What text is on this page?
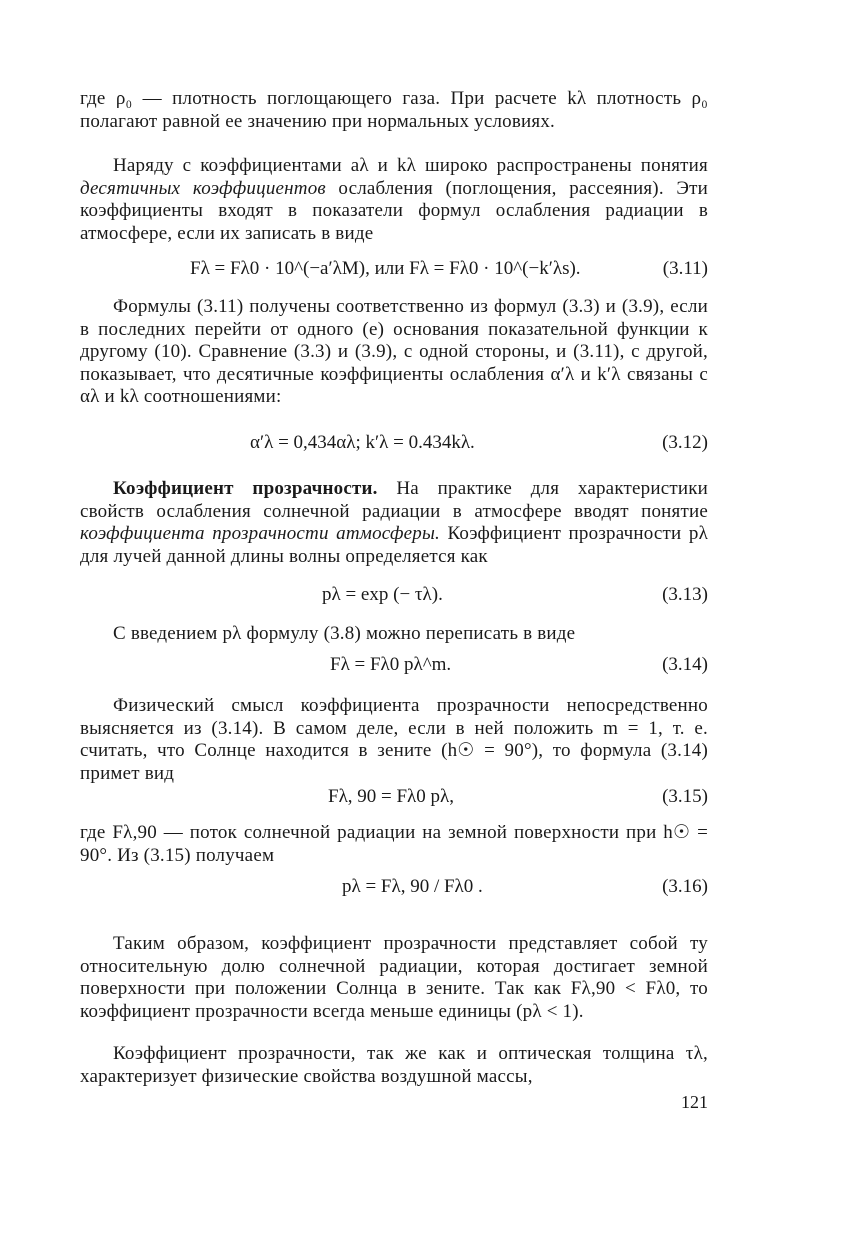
где ρ₀ — плотность поглощающего газа. При расчете kλ плотность ρ₀ полагают равной ее значению при нормальных условиях.
Наряду с коэффициентами aλ и kλ широко распространены понятия десятичных коэффициентов ослабления (поглощения, рассеяния). Эти коэффициенты входят в показатели формул ослабления радиации в атмосфере, если их записать в виде
Fλ = Fλ0 · 10^(−a′λM), или Fλ = Fλ0 · 10^(−k′λs).	(3.11)
Формулы (3.11) получены соответственно из формул (3.3) и (3.9), если в последних перейти от одного (e) основания показательной функции к другому (10). Сравнение (3.3) и (3.9), с одной стороны, и (3.11), с другой, показывает, что десятичные коэффициенты ослабления α′λ и k′λ связаны с αλ и kλ соотношениями:
α′λ = 0,434αλ; k′λ = 0.434kλ.	(3.12)
Коэффициент прозрачности. На практике для характеристики свойств ослабления солнечной радиации в атмосфере вводят понятие коэффициента прозрачности атмосферы. Коэффициент прозрачности pλ для лучей данной длины волны определяется как
pλ = exp (− τλ).	(3.13)
С введением pλ формулу (3.8) можно переписать в виде
Fλ = Fλ0 pλ^m.	(3.14)
Физический смысл коэффициента прозрачности непосредственно выясняется из (3.14). В самом деле, если в ней положить m = 1, т. е. считать, что Солнце находится в зените (h☉ = 90°), то формула (3.14) примет вид
Fλ, 90 = Fλ0 pλ,	(3.15)
где Fλ,90 — поток солнечной радиации на земной поверхности при h☉ = 90°. Из (3.15) получаем
pλ = Fλ, 90 / Fλ0 .	(3.16)
Таким образом, коэффициент прозрачности представляет собой ту относительную долю солнечной радиации, которая достигает земной поверхности при положении Солнца в зените. Так как Fλ,90 < Fλ0, то коэффициент прозрачности всегда меньше единицы (pλ < 1).
Коэффициент прозрачности, так же как и оптическая толщина τλ, характеризует физические свойства воздушной массы,
121
